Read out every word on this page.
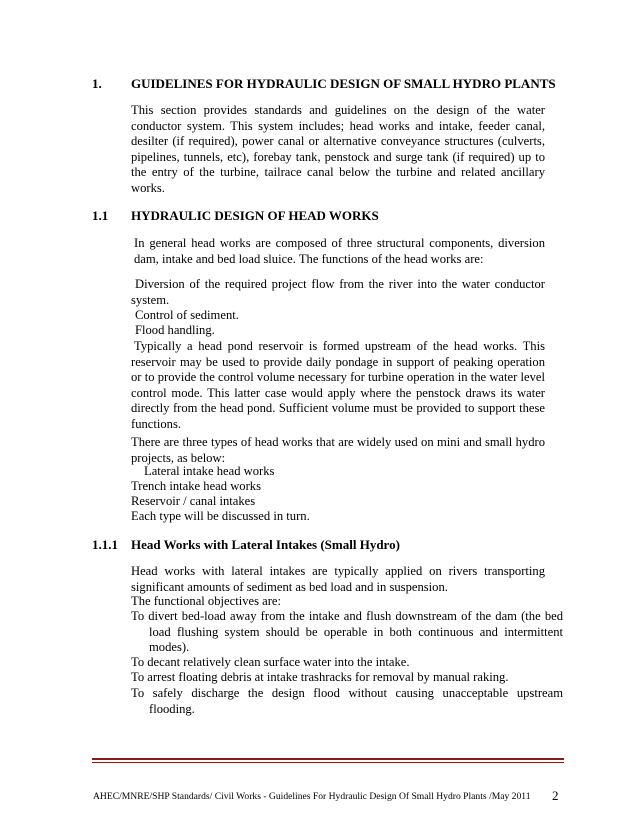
1. GUIDELINES FOR HYDRAULIC DESIGN OF SMALL HYDRO PLANTS
This section provides standards and guidelines on the design of the water conductor system. This system includes; head works and intake, feeder canal, desilter (if required), power canal or alternative conveyance structures (culverts, pipelines, tunnels, etc), forebay tank, penstock and surge tank (if required) up to the entry of the turbine, tailrace canal below the turbine and related ancillary works.
1.1 HYDRAULIC DESIGN OF HEAD WORKS
In general head works are composed of three structural components, diversion dam, intake and bed load sluice. The functions of the head works are:
Diversion of the required project flow from the river into the water conductor system.
Control of sediment.
Flood handling.
Typically a head pond reservoir is formed upstream of the head works. This reservoir may be used to provide daily pondage in support of peaking operation or to provide the control volume necessary for turbine operation in the water level control mode. This latter case would apply where the penstock draws its water directly from the head pond. Sufficient volume must be provided to support these functions.
There are three types of head works that are widely used on mini and small hydro projects, as below:
Lateral intake head works
Trench intake head works
Reservoir / canal intakes
Each type will be discussed in turn.
1.1.1 Head Works with Lateral Intakes (Small Hydro)
Head works with lateral intakes are typically applied on rivers transporting significant amounts of sediment as bed load and in suspension.
The functional objectives are:
To divert bed-load away from the intake and flush downstream of the dam (the bed load flushing system should be operable in both continuous and intermittent modes).
To decant relatively clean surface water into the intake.
To arrest floating debris at intake trashracks for removal by manual raking.
To safely discharge the design flood without causing unacceptable upstream flooding.
AHEC/MNRE/SHP Standards/ Civil Works - Guidelines For Hydraulic Design Of Small Hydro Plants /May 2011 2
